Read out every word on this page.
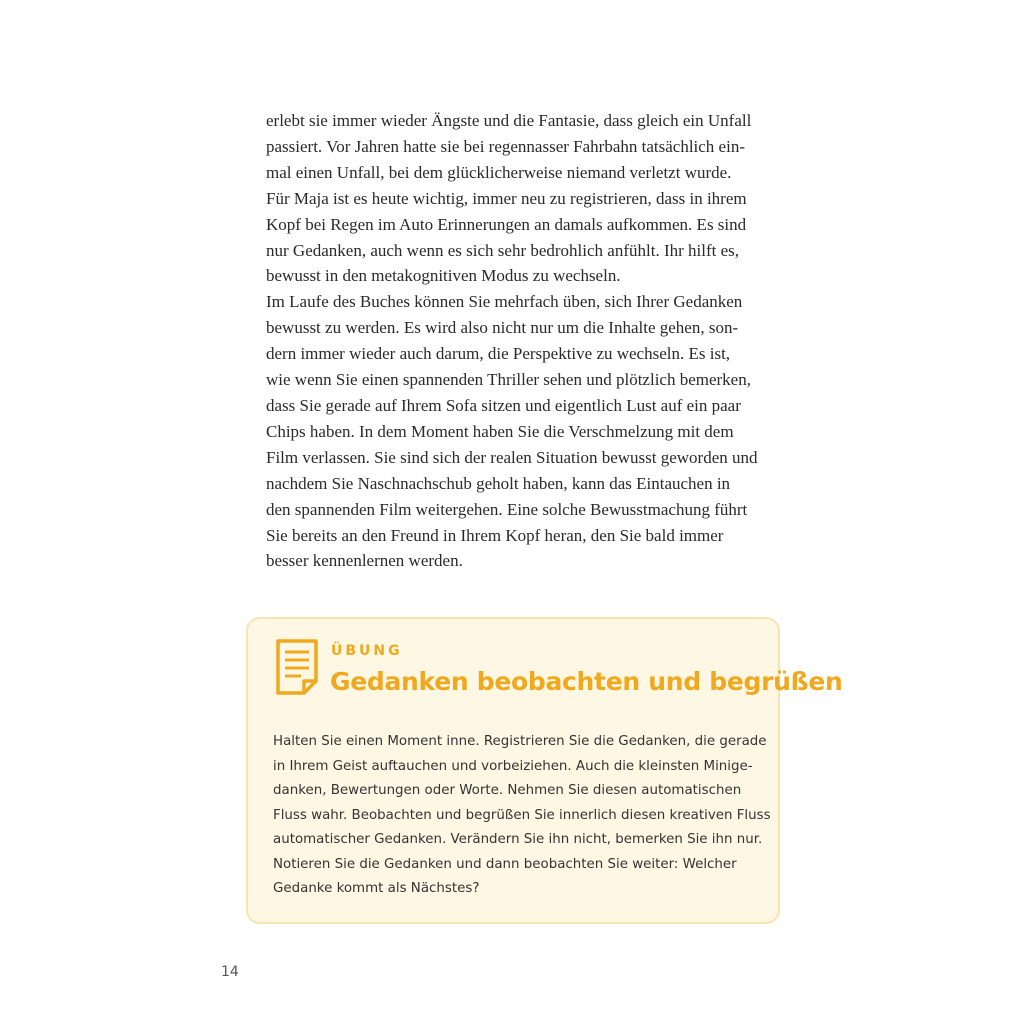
erlebt sie immer wieder Ängste und die Fantasie, dass gleich ein Unfall
passiert. Vor Jahren hatte sie bei regennasser Fahrbahn tatsächlich ein-
mal einen Unfall, bei dem glücklicherweise niemand verletzt wurde.
Für Maja ist es heute wichtig, immer neu zu registrieren, dass in ihrem
Kopf bei Regen im Auto Erinnerungen an damals aufkommen. Es sind
nur Gedanken, auch wenn es sich sehr bedrohlich anfühlt. Ihr hilft es,
bewusst in den metakognitiven Modus zu wechseln.
Im Laufe des Buches können Sie mehrfach üben, sich Ihrer Gedanken
bewusst zu werden. Es wird also nicht nur um die Inhalte gehen, son-
dern immer wieder auch darum, die Perspektive zu wechseln. Es ist,
wie wenn Sie einen spannenden Thriller sehen und plötzlich bemerken,
dass Sie gerade auf Ihrem Sofa sitzen und eigentlich Lust auf ein paar
Chips haben. In dem Moment haben Sie die Verschmelzung mit dem
Film verlassen. Sie sind sich der realen Situation bewusst geworden und
nachdem Sie Naschnachschub geholt haben, kann das Eintauchen in
den spannenden Film weitergehen. Eine solche Bewusstmachung führt
Sie bereits an den Freund in Ihrem Kopf heran, den Sie bald immer
besser kennenlernen werden.
ÜBUNG
Gedanken beobachten und begrüßen
Halten Sie einen Moment inne. Registrieren Sie die Gedanken, die gerade
in Ihrem Geist auftauchen und vorbeiziehen. Auch die kleinsten Minige-
danken, Bewertungen oder Worte. Nehmen Sie diesen automatischen
Fluss wahr. Beobachten und begrüßen Sie innerlich diesen kreativen Fluss
automatischer Gedanken. Verändern Sie ihn nicht, bemerken Sie ihn nur.
Notieren Sie die Gedanken und dann beobachten Sie weiter: Welcher
Gedanke kommt als Nächstes?
14
